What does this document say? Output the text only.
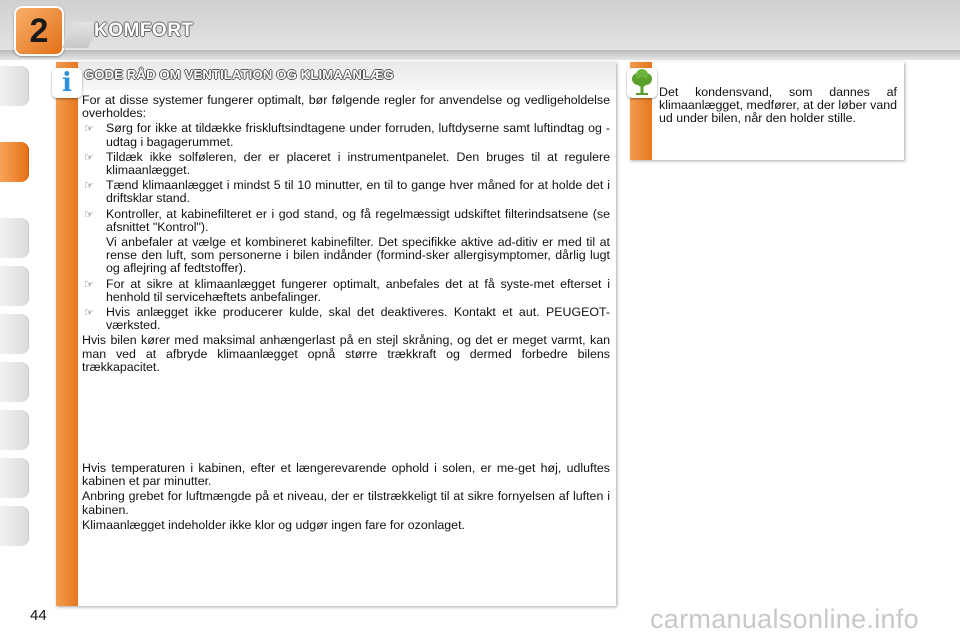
2	KOMFORT
i GODE RÅD OM VENTILATION OG KLIMAANLÆG

For at disse systemer fungerer optimalt, bør følgende regler for anvendelse og vedligeholdelse overholdes:

☞ Sørg for ikke at tildække friskluftsindtagene under forruden, luftdyserne samt luftindtag og -udtag i bagagerummet.
☞ Tildæk ikke solføleren, der er placeret i instrumentpanelet. Den bruges til at regulere klimaanlægget.
☞ Tænd klimaanlægget i mindst 5 til 10 minutter, en til to gange hver måned for at holde det i driftsklar stand.
☞ Kontroller, at kabinefilteret er i god stand, og få regelmæssigt udskiftet filterindsatsene (se afsnittet "Kontrol").

Vi anbefaler at vælge et kombineret kabinefilter. Det specifikke aktive ad-ditiv er med til at rense den luft, som personerne i bilen indånder (formind-sker allergisymptomer, dårlig lugt og aflejring af fedtstoffer).

☞ For at sikre at klimaanlægget fungerer optimalt, anbefales det at få syste-met efterset i henhold til servicehæftets anbefalinger.
☞ Hvis anlægget ikke producerer kulde, skal det deaktiveres. Kontakt et aut. PEUGEOT-værksted.

Hvis bilen kører med maksimal anhængerlast på en stejl skråning, og det er meget varmt, kan man ved at afbryde klimaanlægget opnå større trækkraft og dermed forbedre bilens trækkapacitet.

Hvis temperaturen i kabinen, efter et længerevarende ophold i solen, er me-get høj, udluftes kabinen et par minutter.

Anbring grebet for luftmængde på et niveau, der er tilstrækkeligt til at sikre fornyelsen af luften i kabinen.

Klimaanlægget indeholder ikke klor og udgør ingen fare for ozonlaget.

Det kondensvand, som dannes af klimaanlægget, medfører, at der løber vand ud under bilen, når den holder stille.
44	carmanualsonline.info
